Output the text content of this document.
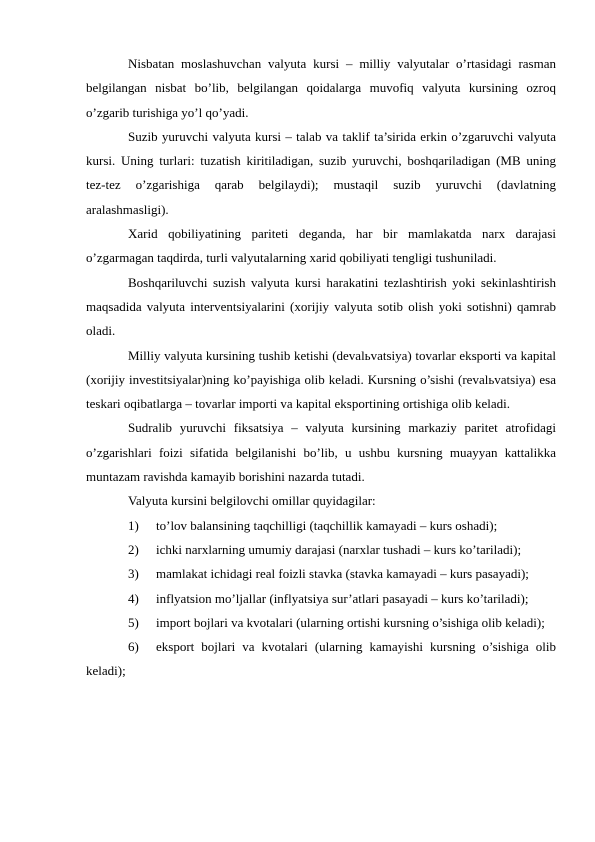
Nisbatan moslashuvchan valyuta kursi – milliy valyutalar o’rtasidagi rasman belgilangan nisbat bo’lib, belgilangan qoidalarga muvofiq valyuta kursining ozroq o’zgarib turishiga yo’l qo’yadi.

Suzib yuruvchi valyuta kursi – talab va taklif ta’sirida erkin o’zgaruvchi valyuta kursi. Uning turlari: tuzatish kiritiladigan, suzib yuruvchi, boshqariladigan (MB uning tez-tez o’zgarishiga qarab belgilaydi); mustaqil suzib yuruvchi (davlatning aralashmasligi).

Xarid qobiliyatining pariteti deganda, har bir mamlakatda narx darajasi o’zgarmagan taqdirda, turli valyutalarning xarid qobiliyati tengligi tushuniladi.

Boshqariluvchi suzish valyuta kursi harakatini tezlashtirish yoki sekinlashtirish maqsadida valyuta interventsiyalarini (xorijiy valyuta sotib olish yoki sotishni) qamrab oladi.

Milliy valyuta kursining tushib ketishi (devalьvatsiya) tovarlar eksporti va kapital (xorijiy investitsiyalar)ning ko’payishiga olib keladi. Kursning o’sishi (revalьvatsiya) esa teskari oqibatlarga – tovarlar importi va kapital eksportining ortishiga olib keladi.

Sudralib yuruvchi fiksatsiya – valyuta kursining markaziy paritet atrofidagi o’zgarishlari foizi sifatida belgilanishi bo’lib, u ushbu kursning muayyan kattalikka muntazam ravishda kamayib borishini nazarda tutadi.

Valyuta kursini belgilovchi omillar quyidagilar:

1) to’lov balansining taqchilligi (taqchillik kamayadi – kurs oshadi);

2) ichki narxlarning umumiy darajasi (narxlar tushadi – kurs ko’tariladi);

3) mamlakat ichidagi real foizli stavka (stavka kamayadi – kurs pasayadi);

4) inflyatsion mo’ljallar (inflyatsiya sur’atlari pasayadi – kurs ko’tariladi);

5) import bojlari va kvotalari (ularning ortishi kursning o’sishiga olib keladi);

6) eksport bojlari va kvotalari (ularning kamayishi kursning o’sishiga olib keladi);
